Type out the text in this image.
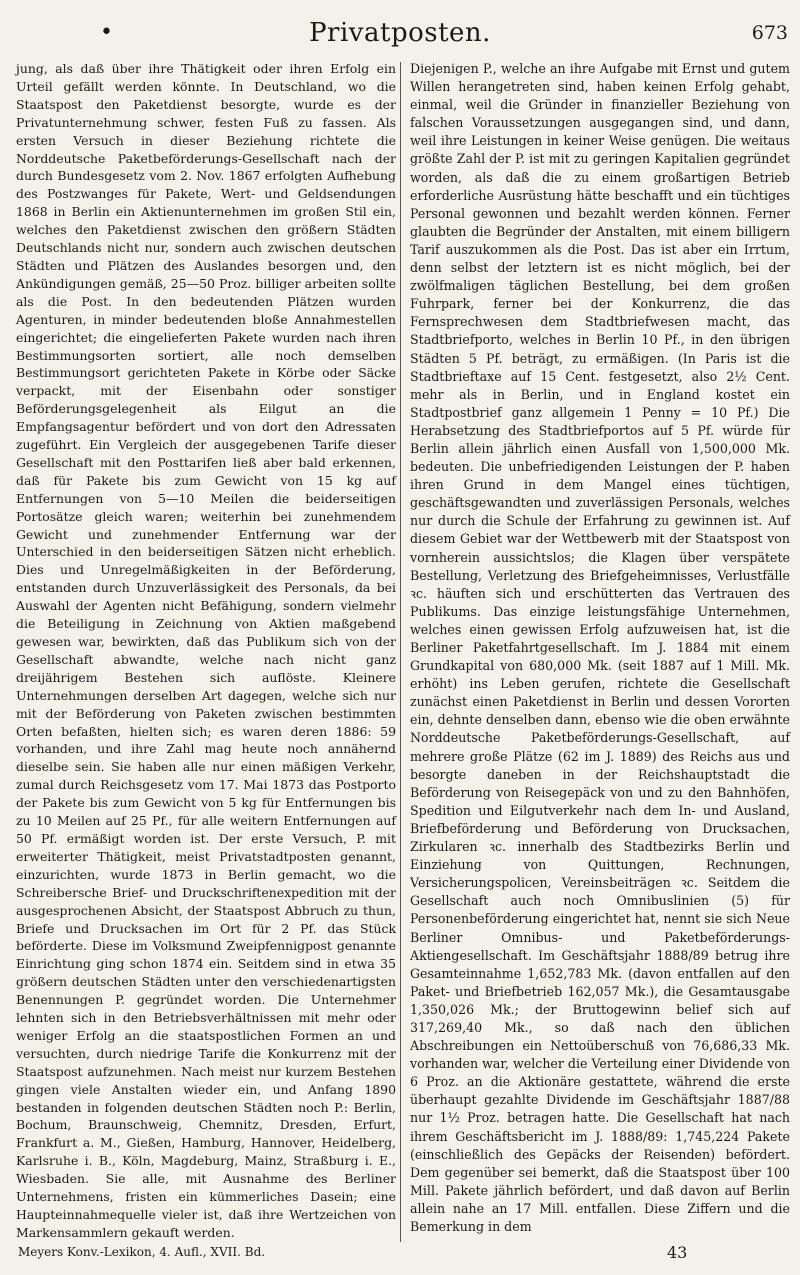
•	Privatposten.	673

jung, als daß über ihre Thätigkeit oder ihren Erfolg ein Urteil gefällt werden könnte. In Deutschland, wo die Staatspost den Paketdienst besorgte, wurde es der Privatunternehmung schwer, festen Fuß zu fassen. Als ersten Versuch in dieser Beziehung richtete die Norddeutsche Paketbeförderungs-Gesellschaft nach der durch Bundesgesetz vom 2. Nov. 1867 erfolgten Aufhebung des Postzwanges für Pakete, Wert- und Geldsendungen 1868 in Berlin ein Aktienunternehmen im großen Stil ein, welches den Paketdienst zwischen den größern Städten Deutschlands nicht nur, sondern auch zwischen deutschen Städten und Plätzen des Auslandes besorgen und, den Ankündigungen gemäß, 25—50 Proz. billiger arbeiten sollte als die Post. In den bedeutenden Plätzen wurden Agenturen, in minder bedeutenden bloße Annahmestellen eingerichtet; die eingelieferten Pakete wurden nach ihren Bestimmungsorten sortiert, alle noch demselben Bestimmungsort gerichteten Pakete in Körbe oder Säcke verpackt, mit der Eisenbahn oder sonstiger Beförderungsgelegenheit als Eilgut an die Empfangsagentur befördert und von dort den Adressaten zugeführt. Ein Vergleich der ausgegebenen Tarife dieser Gesellschaft mit den Posttarifen ließ aber bald erkennen, daß für Pakete bis zum Gewicht von 15 kg auf Entfernungen von 5—10 Meilen die beiderseitigen Portosätze gleich waren; weiterhin bei zunehmendem Gewicht und zunehmender Entfernung war der Unterschied in den beiderseitigen Sätzen nicht erheblich. Dies und Unregelmäßigkeiten in der Beförderung, entstanden durch Unzuverlässigkeit des Personals, da bei Auswahl der Agenten nicht Befähigung, sondern vielmehr die Beteiligung in Zeichnung von Aktien maßgebend gewesen war, bewirkten, daß das Publikum sich von der Gesellschaft abwandte, welche nach nicht ganz dreijährigem Bestehen sich auflöste. Kleinere Unternehmungen derselben Art dagegen, welche sich nur mit der Beförderung von Paketen zwischen bestimmten Orten befaßten, hielten sich; es waren deren 1886: 59 vorhanden, und ihre Zahl mag heute noch annähernd dieselbe sein. Sie haben alle nur einen mäßigen Verkehr, zumal durch Reichsgesetz vom 17. Mai 1873 das Postporto der Pakete bis zum Gewicht von 5 kg für Entfernungen bis zu 10 Meilen auf 25 Pf., für alle weitern Entfernungen auf 50 Pf. ermäßigt worden ist. Der erste Versuch, P. mit erweiterter Thätigkeit, meist Privatstadtposten genannt, einzurichten, wurde 1873 in Berlin gemacht, wo die Schreibersche Brief- und Druckschriftenexpedition mit der ausgesprochenen Absicht, der Staatspost Abbruch zu thun, Briefe und Drucksachen im Ort für 2 Pf. das Stück beförderte. Diese im Volksmund Zweipfennigpost genannte Einrichtung ging schon 1874 ein. Seitdem sind in etwa 35 größern deutschen Städten unter den verschiedenartigsten Benennungen P. gegründet worden. Die Unternehmer lehnten sich in den Betriebsverhältnissen mit mehr oder weniger Erfolg an die staatspostlichen Formen an und versuchten, durch niedrige Tarife die Konkurrenz mit der Staatspost aufzunehmen. Nach meist nur kurzem Bestehen gingen viele Anstalten wieder ein, und Anfang 1890 bestanden in folgenden deutschen Städten noch P.: Berlin, Bochum, Braunschweig, Chemnitz, Dresden, Erfurt, Frankfurt a. M., Gießen, Hamburg, Hannover, Heidelberg, Karlsruhe i. B., Köln, Magdeburg, Mainz, Straßburg i. E., Wiesbaden. Sie alle, mit Ausnahme des Berliner Unternehmens, fristen ein kümmerliches Dasein; eine Haupteinnahmequelle vieler ist, daß ihre Wertzeichen von Markensammlern gekauft werden.

Diejenigen P., welche an ihre Aufgabe mit Ernst und gutem Willen herangetreten sind, haben keinen Erfolg gehabt, einmal, weil die Gründer in finanzieller Beziehung von falschen Voraussetzungen ausgegangen sind, und dann, weil ihre Leistungen in keiner Weise genügen. Die weitaus größte Zahl der P. ist mit zu geringen Kapitalien gegründet worden, als daß die zu einem großartigen Betrieb erforderliche Ausrüstung hätte beschafft und ein tüchtiges Personal gewonnen und bezahlt werden können. Ferner glaubten die Begründer der Anstalten, mit einem billigern Tarif auszukommen als die Post. Das ist aber ein Irrtum, denn selbst der letztern ist es nicht möglich, bei der zwölfmaligen täglichen Bestellung, bei dem großen Fuhrpark, ferner bei der Konkurrenz, die das Fernsprechwesen dem Stadtbriefwesen macht, das Stadtbriefporto, welches in Berlin 10 Pf., in den übrigen Städten 5 Pf. beträgt, zu ermäßigen. (In Paris ist die Stadtbrieftaxe auf 15 Cent. festgesetzt, also 2½ Cent. mehr als in Berlin, und in England kostet ein Stadtpostbrief ganz allgemein 1 Penny = 10 Pf.) Die Herabsetzung des Stadtbriefportos auf 5 Pf. würde für Berlin allein jährlich einen Ausfall von 1,500,000 Mk. bedeuten. Die unbefriedigenden Leistungen der P. haben ihren Grund in dem Mangel eines tüchtigen, geschäftsgewandten und zuverlässigen Personals, welches nur durch die Schule der Erfahrung zu gewinnen ist. Auf diesem Gebiet war der Wettbewerb mit der Staatspost von vornherein aussichtslos; die Klagen über verspätete Bestellung, Verletzung des Briefgeheimnisses, Verlustfälle ꝛc. häuften sich und erschütterten das Vertrauen des Publikums. Das einzige leistungsfähige Unternehmen, welches einen gewissen Erfolg aufzuweisen hat, ist die Berliner Paketfahrtgesellschaft. Im J. 1884 mit einem Grundkapital von 680,000 Mk. (seit 1887 auf 1 Mill. Mk. erhöht) ins Leben gerufen, richtete die Gesellschaft zunächst einen Paketdienst in Berlin und dessen Vororten ein, dehnte denselben dann, ebenso wie die oben erwähnte Norddeutsche Paketbeförderungs-Gesellschaft, auf mehrere große Plätze (62 im J. 1889) des Reichs aus und besorgte daneben in der Reichshauptstadt die Beförderung von Reisegepäck von und zu den Bahnhöfen, Spedition und Eilgutverkehr nach dem In- und Ausland, Briefbeförderung und Beförderung von Drucksachen, Zirkularen ꝛc. innerhalb des Stadtbezirks Berlin und Einziehung von Quittungen, Rechnungen, Versicherungspolicen, Vereinsbeiträgen ꝛc. Seitdem die Gesellschaft auch noch Omnibuslinien (5) für Personenbeförderung eingerichtet hat, nennt sie sich Neue Berliner Omnibus- und Paketbeförderungs-Aktiengesellschaft. Im Geschäftsjahr 1888/89 betrug ihre Gesamteinnahme 1,652,783 Mk. (davon entfallen auf den Paket- und Briefbetrieb 162,057 Mk.), die Gesamtausgabe 1,350,026 Mk.; der Bruttogewinn belief sich auf 317,269,40 Mk., so daß nach den üblichen Abschreibungen ein Nettoüberschuß von 76,686,33 Mk. vorhanden war, welcher die Verteilung einer Dividende von 6 Proz. an die Aktionäre gestattete, während die erste überhaupt gezahlte Dividende im Geschäftsjahr 1887/88 nur 1½ Proz. betragen hatte. Die Gesellschaft hat nach ihrem Geschäftsbericht im J. 1888/89: 1,745,224 Pakete (einschließlich des Gepäcks der Reisenden) befördert. Dem gegenüber sei bemerkt, daß die Staatspost über 100 Mill. Pakete jährlich befördert, und daß davon auf Berlin allein nahe an 17 Mill. entfallen. Diese Ziffern und die Bemerkung in dem

Meyers Konv.-Lexikon, 4. Aufl., XVII. Bd.	43
